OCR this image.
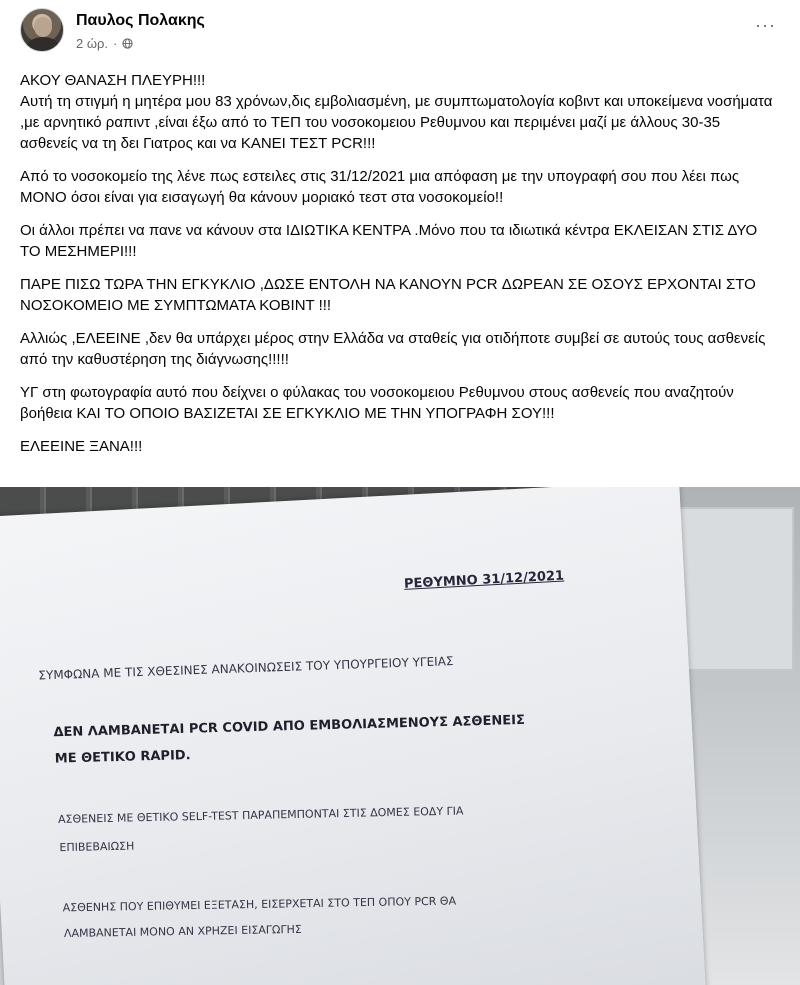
Παυλος Πολακης
2 ώρ. ·
···

ΑΚΟΥ ΘΑΝΑΣΗ ΠΛΕΥΡΗ!!!
Αυτή τη στιγμή η μητέρα μου 83 χρόνων,δις εμβολιασμένη, με συμπτωματολογία κοβιντ και υποκείμενα νοσήματα ,με αρνητικό ραπιντ ,είναι έξω από το ΤΕΠ του νοσοκομειου Ρεθυμνου και περιμένει μαζί με άλλους 30-35 ασθενείς να τη δει Γιατρος και να ΚΑΝΕΙ ΤΕΣΤ PCR!!!

Από το νοσοκομείο της λένε πως εστειλες στις 31/12/2021 μια απόφαση με την υπογραφή σου που λέει πως ΜΟΝΟ όσοι είναι για εισαγωγή θα κάνουν μοριακό τεστ στα νοσοκομείο!!

Οι άλλοι πρέπει να πανε να κάνουν στα ΙΔΙΩΤΙΚΑ ΚΕΝΤΡΑ .Μόνο που τα ιδιωτικά κέντρα ΕΚΛΕΙΣΑΝ ΣΤΙΣ ΔΥΟ ΤΟ ΜΕΣΗΜΕΡΙ!!!

ΠΑΡΕ ΠΙΣΩ ΤΩΡΑ ΤΗΝ ΕΓΚΥΚΛΙΟ ,ΔΩΣΕ ΕΝΤΟΛΗ ΝΑ ΚΑΝΟΥΝ PCR ΔΩΡΕΑΝ ΣΕ ΟΣΟΥΣ ΕΡΧΟΝΤΑΙ ΣΤΟ ΝΟΣΟΚΟΜΕΙΟ ΜΕ ΣΥΜΠΤΩΜΑΤΑ ΚΟΒΙΝΤ !!!

Αλλιώς ,ΕΛΕΕΙΝΕ ,δεν θα υπάρχει μέρος στην Ελλάδα να σταθείς για οτιδήποτε συμβεί σε αυτούς τους ασθενείς από την καθυστέρηση της διάγνωσης!!!!!

ΥΓ στη φωτογραφία αυτό που δείχνει ο φύλακας του νοσοκομειου Ρεθυμνου στους ασθενείς που αναζητούν βοήθεια ΚΑΙ ΤΟ ΟΠΟΙΟ ΒΑΣΙΖΕΤΑΙ ΣΕ ΕΓΚΥΚΛΙΟ ΜΕ ΤΗΝ ΥΠΟΓΡΑΦΗ ΣΟΥ!!!

ΕΛΕΕΙΝΕ ΞΑΝΑ!!!

ΡΕΘΥΜΝΟ 31/12/2021
ΣΥΜΦΩΝΑ ΜΕ ΤΙΣ ΧΘΕΣΙΝΕΣ ΑΝΑΚΟΙΝΩΣΕΙΣ ΤΟΥ ΥΠΟΥΡΓΕΙΟΥ ΥΓΕΙΑΣ
ΔΕΝ ΛΑΜΒΑΝΕΤΑΙ PCR COVID ΑΠΟ ΕΜΒΟΛΙΑΣΜΕΝΟΥΣ ΑΣΘΕΝΕΙΣ
ΜΕ ΘΕΤΙΚΟ RAPID.
ΑΣΘΕΝΕΙΣ ΜΕ ΘΕΤΙΚΟ SELF-TEST ΠΑΡΑΠΕΜΠΟΝΤΑΙ ΣΤΙΣ ΔΟΜΕΣ ΕΟΔΥ ΓΙΑ
ΕΠΙΒΕΒΑΙΩΣΗ
ΑΣΘΕΝΗΣ ΠΟΥ ΕΠΙΘΥΜΕΙ ΕΞΕΤΑΣΗ, ΕΙΣΕΡΧΕΤΑΙ ΣΤΟ ΤΕΠ ΟΠΟΥ PCR ΘΑ
ΛΑΜΒΑΝΕΤΑΙ ΜΟΝΟ ΑΝ ΧΡΗΖΕΙ ΕΙΣΑΓΩΓΗΣ
